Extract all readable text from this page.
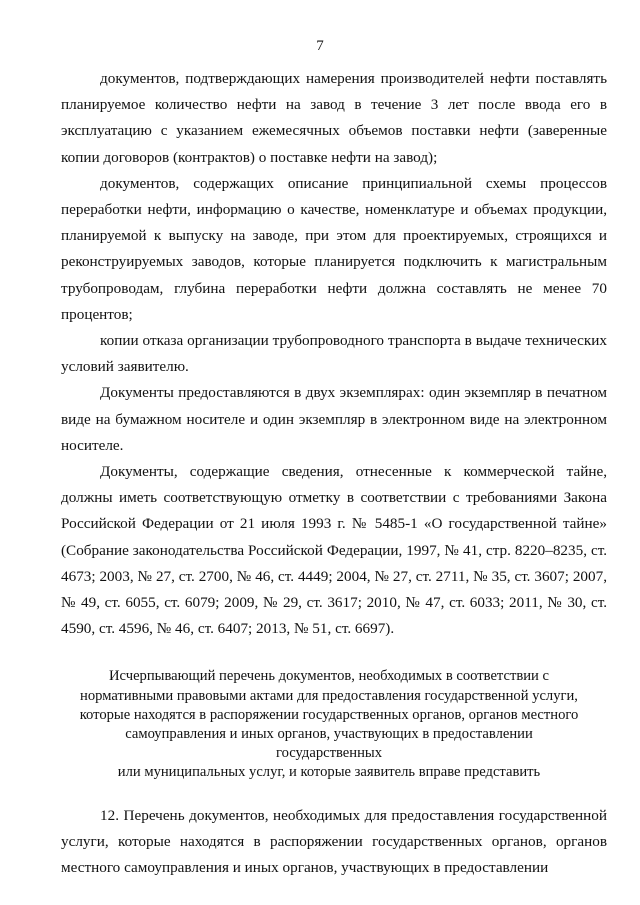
7

документов, подтверждающих намерения производителей нефти поставлять планируемое количество нефти на завод в течение 3 лет после ввода его в эксплуатацию с указанием ежемесячных объемов поставки нефти (заверенные копии договоров (контрактов) о поставке нефти на завод);

документов, содержащих описание принципиальной схемы процессов переработки нефти, информацию о качестве, номенклатуре и объемах продукции, планируемой к выпуску на заводе, при этом для проектируемых, строящихся и реконструируемых заводов, которые планируется подключить к магистральным трубопроводам, глубина переработки нефти должна составлять не менее 70 процентов;

копии отказа организации трубопроводного транспорта в выдаче технических условий заявителю.

Документы предоставляются в двух экземплярах: один экземпляр в печатном виде на бумажном носителе и один экземпляр в электронном виде на электронном носителе.

Документы, содержащие сведения, отнесенные к коммерческой тайне, должны иметь соответствующую отметку в соответствии с требованиями Закона Российской Федерации от 21 июля 1993 г. № 5485-1 «О государственной тайне» (Собрание законодательства Российской Федерации, 1997, № 41, стр. 8220–8235, ст. 4673; 2003, № 27, ст. 2700, № 46, ст. 4449; 2004, № 27, ст. 2711, № 35, ст. 3607; 2007, № 49, ст. 6055, ст. 6079; 2009, № 29, ст. 3617; 2010, № 47, ст. 6033; 2011, № 30, ст. 4590, ст. 4596, № 46, ст. 6407; 2013, № 51, ст. 6697).

Исчерпывающий перечень документов, необходимых в соответствии с
нормативными правовыми актами для предоставления государственной услуги,
которые находятся в распоряжении государственных органов, органов местного
самоуправления и иных органов, участвующих в предоставлении государственных
или муниципальных услуг, и которые заявитель вправе представить

12. Перечень документов, необходимых для предоставления государственной услуги, которые находятся в распоряжении государственных органов, органов местного самоуправления и иных органов, участвующих в предоставлении
